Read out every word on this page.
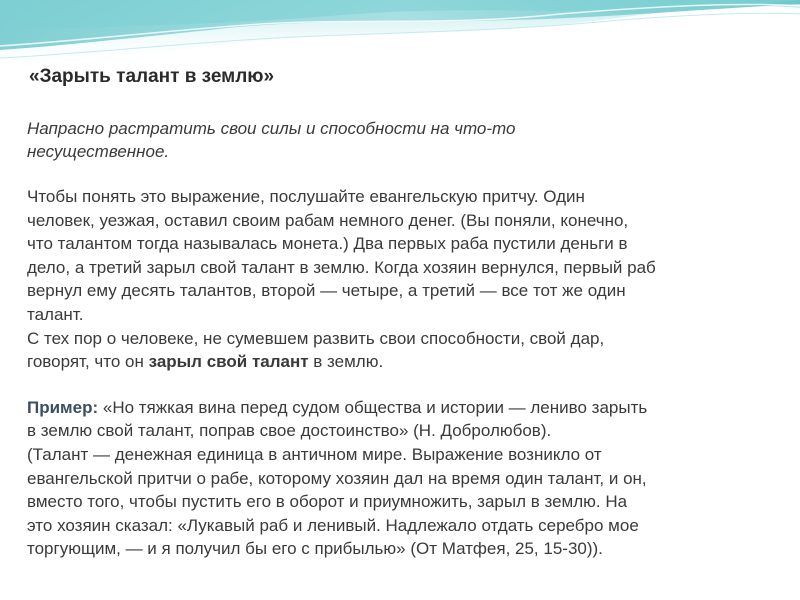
«Зарыть талант в землю»
Напрасно растратить свои силы и способности на что-то
несущественное.
Чтобы понять это выражение, послушайте евангельскую притчу. Один
человек, уезжая, оставил своим рабам немного денег. (Вы поняли, конечно,
что талантом тогда называлась монета.) Два первых раба пустили деньги в
дело, а третий зарыл свой талант в землю. Когда хозяин вернулся, первый раб
вернул ему десять талантов, второй — четыре, а третий — все тот же один
талант.
С тех пор о человеке, не сумевшем развить свои способности, свой дар,
говорят, что он зарыл свой талант в землю.
Пример: «Но тяжкая вина перед судом общества и истории — лениво зарыть
в землю свой талант, поправ свое достоинство» (Н. Добролюбов).
(Талант — денежная единица в античном мире. Выражение возникло от
евангельской притчи о рабе, которому хозяин дал на время один талант, и он,
вместо того, чтобы пустить его в оборот и приумножить, зарыл в землю. На
это хозяин сказал: «Лукавый раб и ленивый. Надлежало отдать серебро мое
торгующим, — и я получил бы его с прибылью» (От Матфея, 25, 15-30)).
